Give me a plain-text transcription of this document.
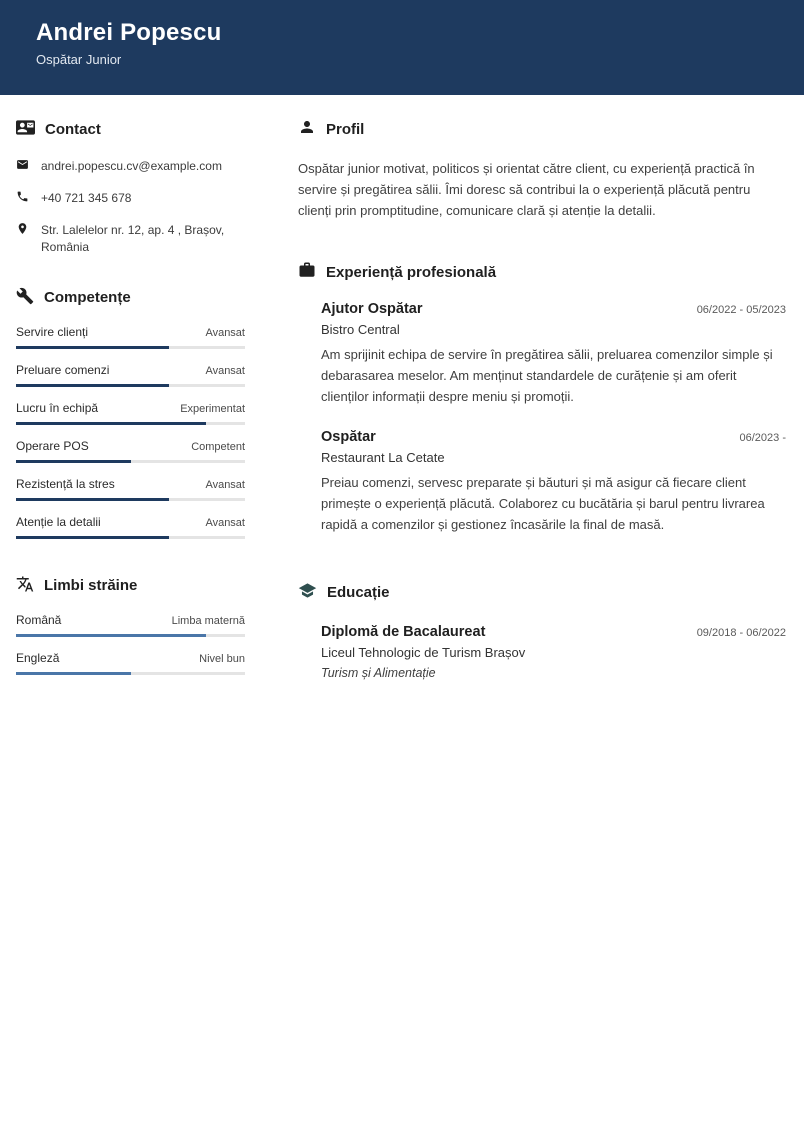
Andrei Popescu
Ospătar Junior
Contact
andrei.popescu.cv@example.com
+40 721 345 678
Str. Lalelelor nr. 12, ap. 4 , Brașov, România
Competențe
Servire clienți	Avansat
Preluare comenzi	Avansat
Lucru în echipă	Experimentat
Operare POS	Competent
Rezistență la stres	Avansat
Atenție la detalii	Avansat
Limbi străine
Română	Limba maternă
Engleză	Nivel bun
Profil

Ospătar junior motivat, politicos și orientat către client, cu experiență practică în servire și pregătirea sălii. Îmi doresc să contribui la o experiență plăcută pentru clienți prin promptitudine, comunicare clară și atenție la detalii.

Experiență profesională
Ajutor Ospătar	06/2022 - 05/2023
Bistro Central

Am sprijinit echipa de servire în pregătirea sălii, preluarea comenzilor simple și debarasarea meselor. Am menținut standardele de curățenie și am oferit clienților informații despre meniu și promoții.

Ospătar	06/2023 -
Restaurant La Cetate

Preiau comenzi, servesc preparate și băuturi și mă asigur că fiecare client primește o experiență plăcută. Colaborez cu bucătăria și barul pentru livrarea rapidă a comenzilor și gestionez încasările la final de masă.

Educație
Diplomă de Bacalaureat	09/2018 - 06/2022
Liceul Tehnologic de Turism Brașov
Turism și Alimentație
